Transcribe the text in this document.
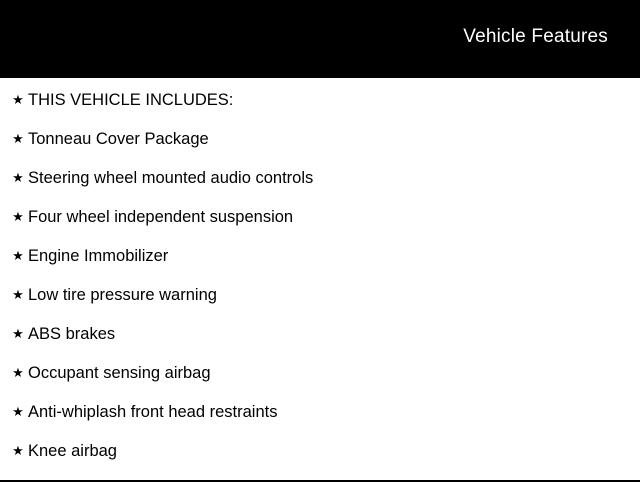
Vehicle Features
★ THIS VEHICLE INCLUDES:
★ Tonneau Cover Package
★ Steering wheel mounted audio controls
★ Four wheel independent suspension
★ Engine Immobilizer
★ Low tire pressure warning
★ ABS brakes
★ Occupant sensing airbag
★ Anti-whiplash front head restraints
★ Knee airbag
